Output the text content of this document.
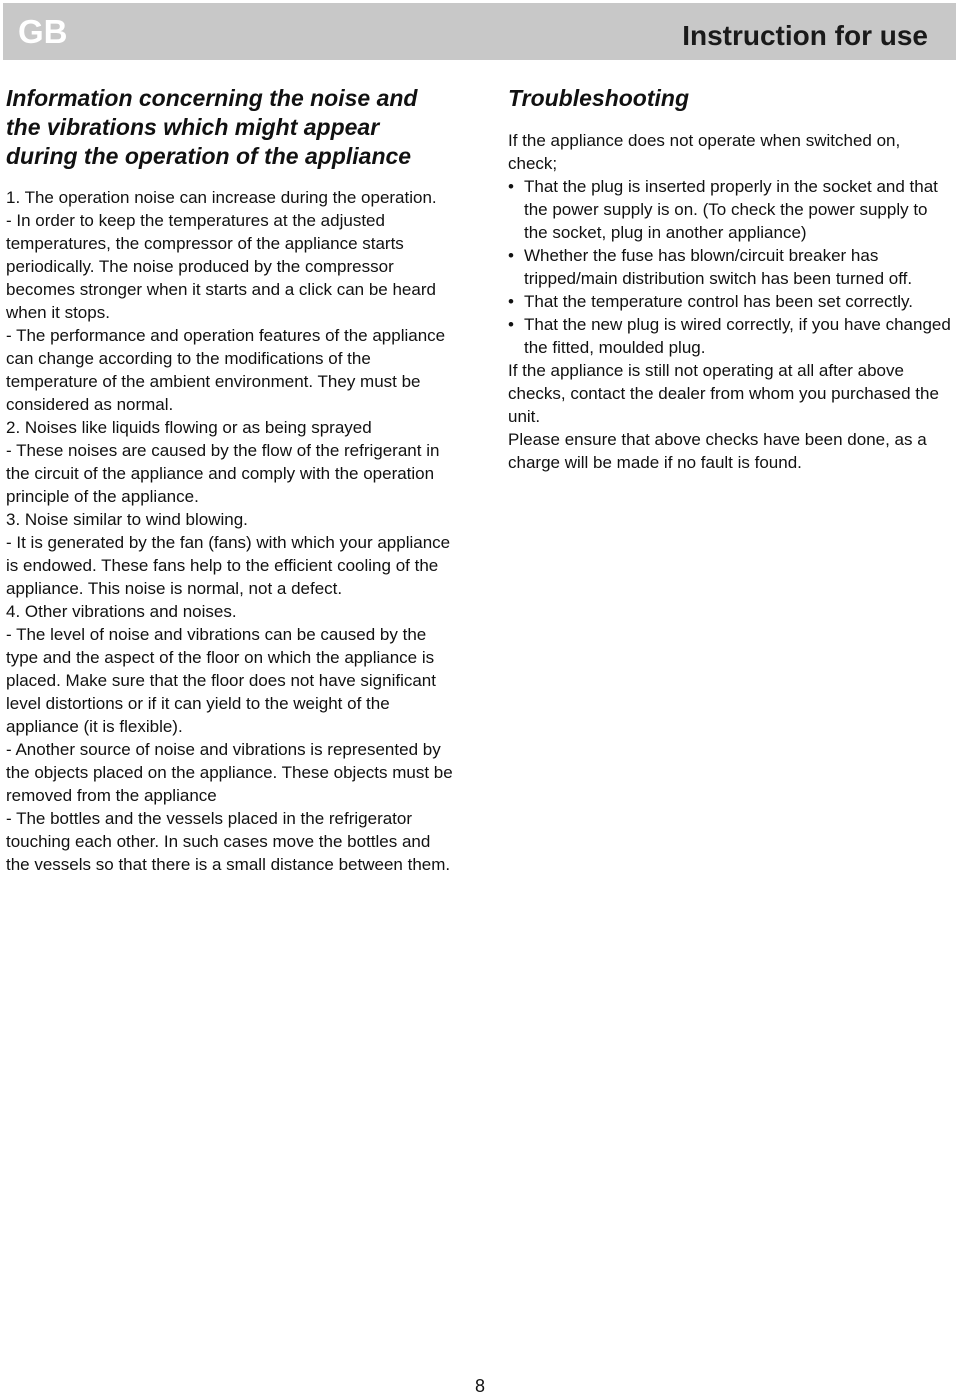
GB	Instruction for use
Information concerning the noise and the vibrations which might appear during the operation of the appliance

1. The operation noise can increase during the operation.

- In order to keep the temperatures at the adjusted temperatures, the compressor of the appliance starts periodically. The noise produced by the compressor becomes stronger when it starts and a click can be heard when it stops.

- The performance and operation features of the appliance can change according to the modifications of the temperature of the ambient environment. They must be considered as normal.

2. Noises like liquids flowing or as being sprayed

- These noises are caused by the flow of the refrigerant in the circuit of the appliance and comply with the operation principle of the appliance.

3. Noise similar to wind blowing.

- It is generated by the fan (fans) with which your appliance is endowed. These fans help to the efficient cooling of the appliance. This noise is normal, not a defect.

4. Other vibrations and noises.

- The level of noise and vibrations can be caused by the type and the aspect of the floor on which the appliance is placed. Make sure that the floor does not have significant level distortions or if it can yield to the weight of the appliance (it is flexible).

- Another source of noise and vibrations is represented by the objects placed on the appliance. These objects must be removed from the appliance

- The bottles and the vessels placed in the refrigerator touching each other. In such cases move the bottles and the vessels so that there is a small distance between them.

Troubleshooting

If the appliance does not operate when switched on, check;

• That the plug is inserted properly in the socket and that the power supply is on. (To check the power supply to the socket, plug in another appliance)

• Whether the fuse has blown/circuit breaker has tripped/main distribution switch has been turned off.

• That the temperature control has been set correctly.

• That the new plug is wired correctly, if you have changed the fitted, moulded plug.

If the appliance is still not operating at all after above checks, contact the dealer from whom you purchased the unit.

Please ensure that above checks have been done, as a charge will be made if no fault is found.

8
